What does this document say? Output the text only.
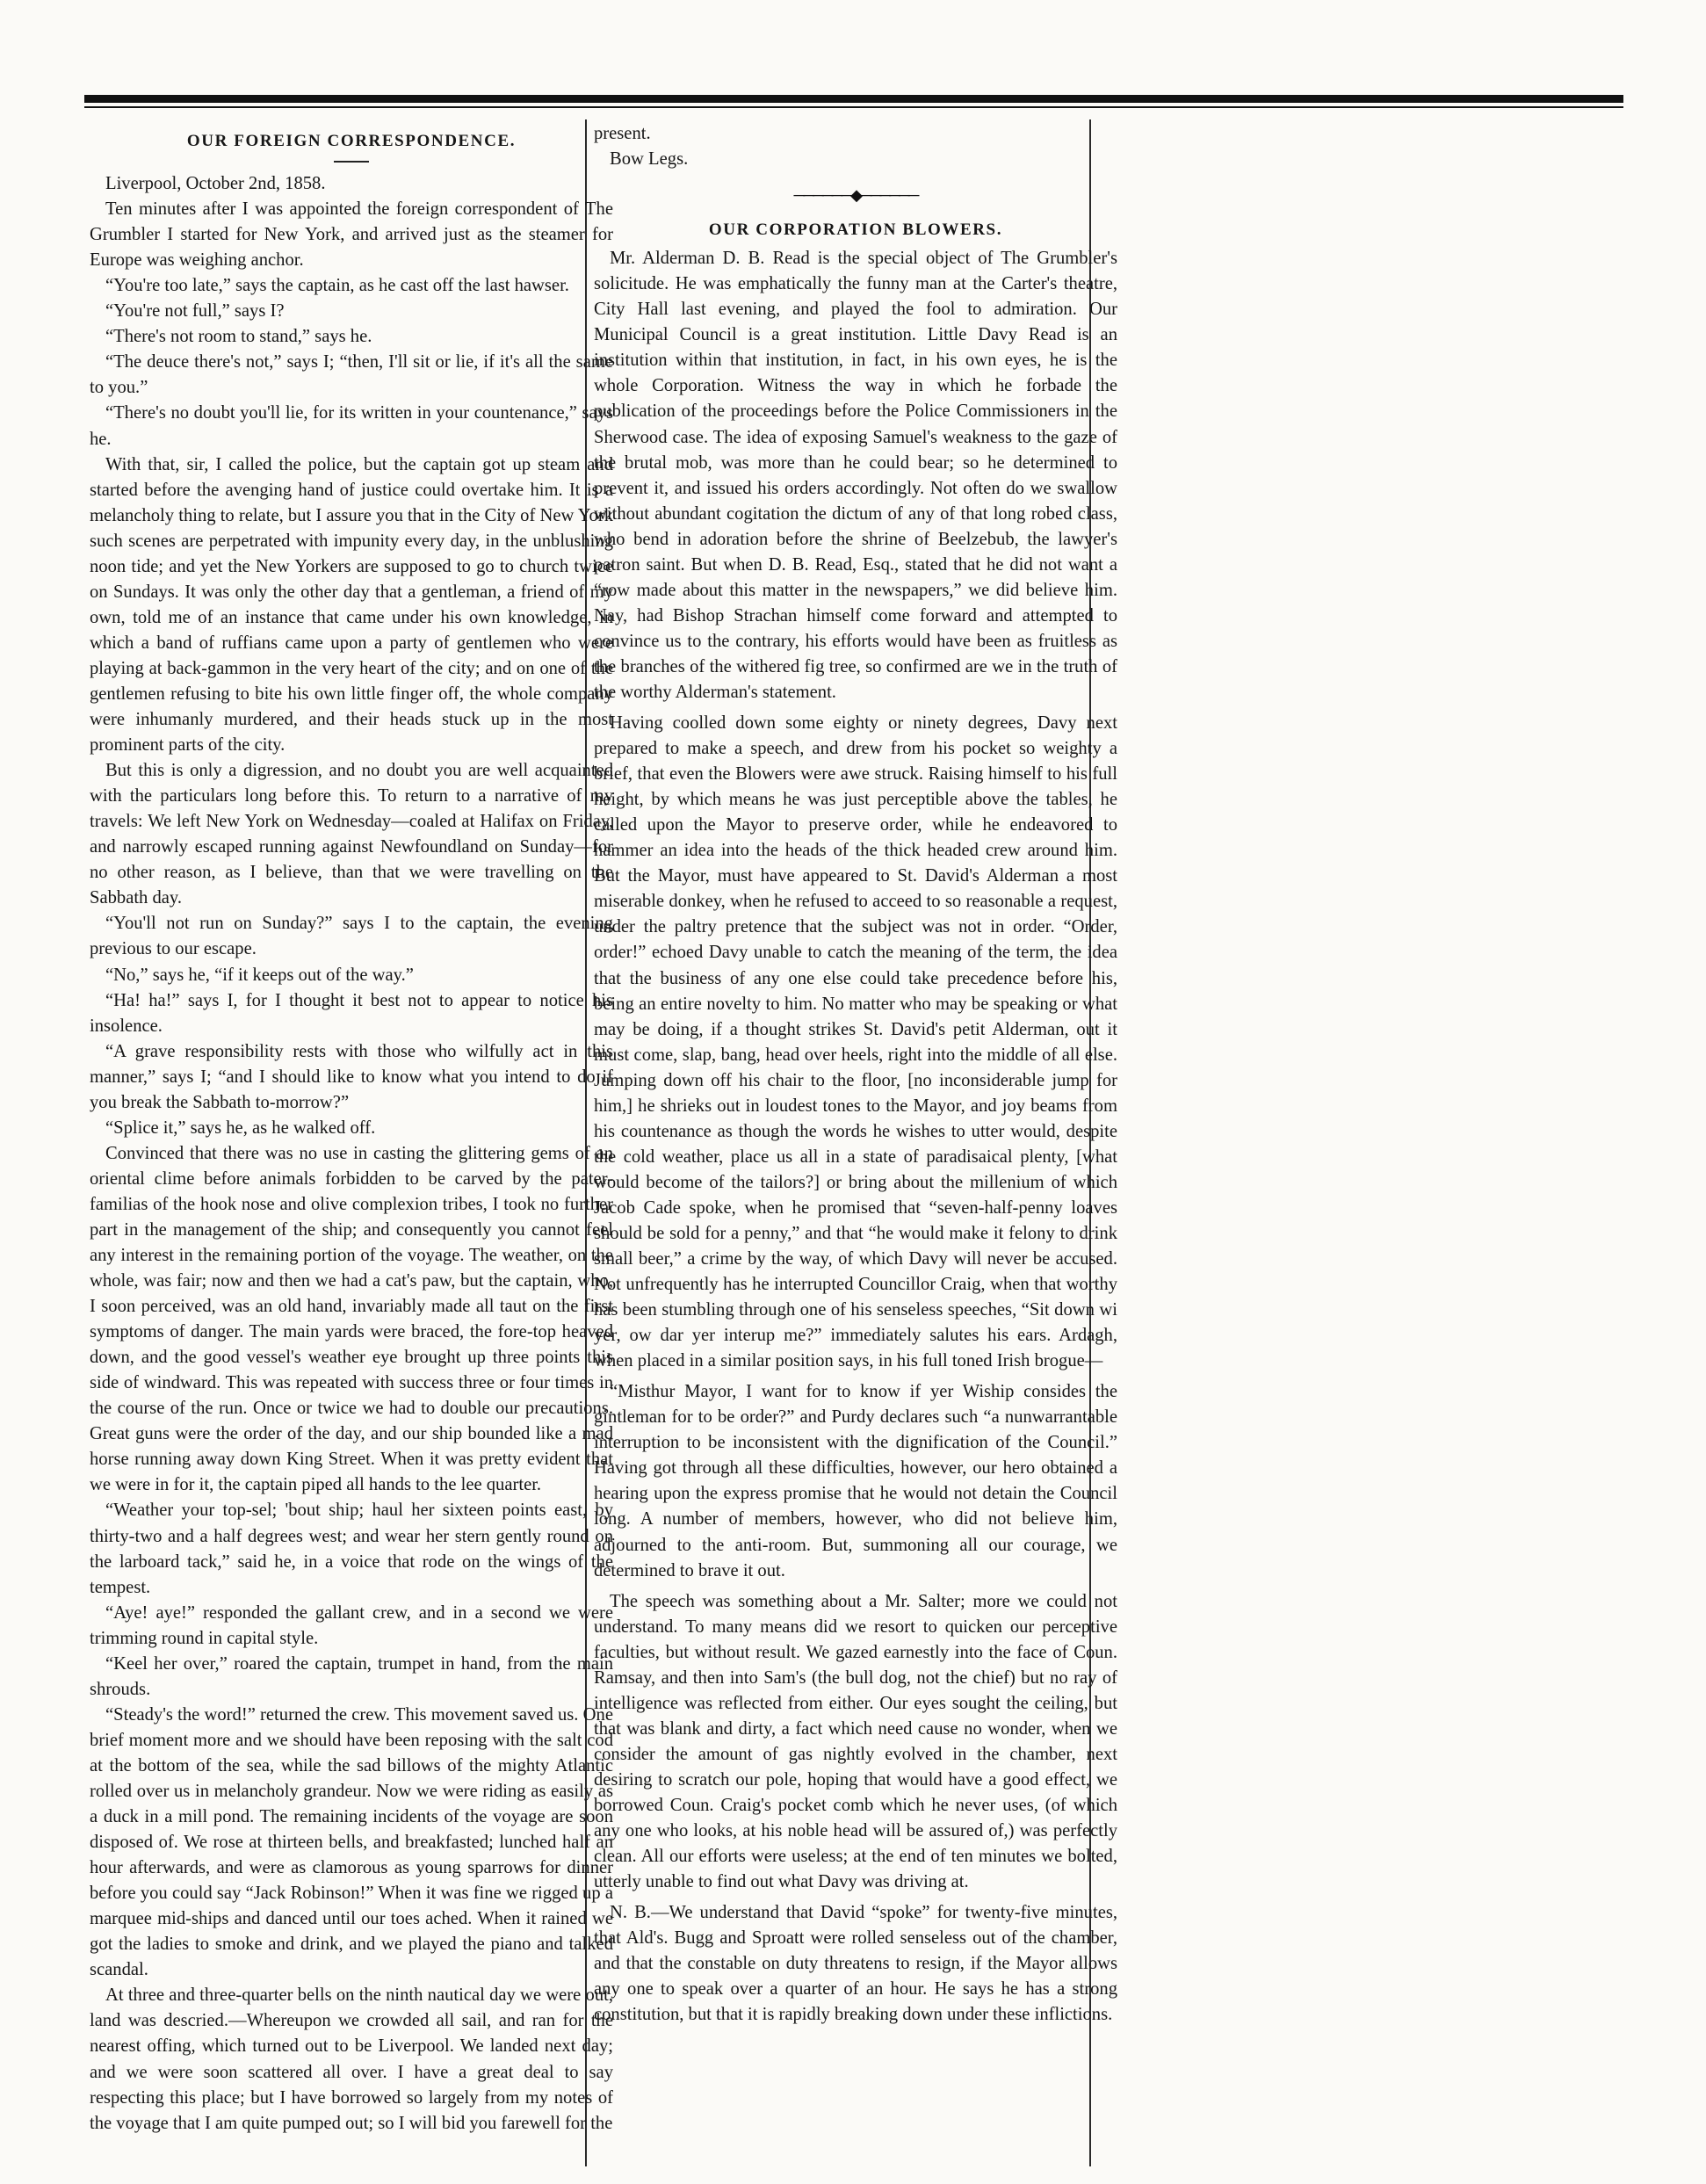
OUR FOREIGN CORRESPONDENCE.

Liverpool, October 2nd, 1858.

Ten minutes after I was appointed the foreign correspondent of The Grumbler I started for New York, and arrived just as the steamer for Europe was weighing anchor.

“You're too late,” says the captain, as he cast off the last hawser.

“You're not full,” says I?

“There's not room to stand,” says he.

“The deuce there's not,” says I; “then, I'll sit or lie, if it's all the same to you.”

“There's no doubt you'll lie, for its written in your countenance,” says he.

With that, sir, I called the police, but the captain got up steam and started before the avenging hand of justice could overtake him. It is a melancholy thing to relate, but I assure you that in the City of New York such scenes are perpetrated with impunity every day, in the unblushing noon tide; and yet the New Yorkers are supposed to go to church twice on Sundays. It was only the other day that a gentleman, a friend of my own, told me of an instance that came under his own knowledge, in which a band of ruffians came upon a party of gentlemen who were playing at back-gammon in the very heart of the city; and on one of the gentlemen refusing to bite his own little finger off, the whole company were inhumanly murdered, and their heads stuck up in the most prominent parts of the city.

But this is only a digression, and no doubt you are well acquainted with the particulars long before this. To return to a narrative of my travels: We left New York on Wednesday—coaled at Halifax on Friday, and narrowly escaped running against Newfoundland on Sunday—for no other reason, as I believe, than that we were travelling on the Sabbath day.

“You'll not run on Sunday?” says I to the captain, the evening previous to our escape.

“No,” says he, “if it keeps out of the way.”

“Ha! ha!” says I, for I thought it best not to appear to notice his insolence.

“A grave responsibility rests with those who wilfully act in this manner,” says I; “and I should like to know what you intend to do if you break the Sabbath to-morrow?”

“Splice it,” says he, as he walked off.

Convinced that there was no use in casting the glittering gems of an oriental clime before animals forbidden to be carved by the pater-familias of the hook nose and olive complexion tribes, I took no further part in the management of the ship; and consequently you cannot feel any interest in the remaining portion of the voyage. The weather, on the whole, was fair; now and then we had a cat's paw, but the captain, who, I soon perceived, was an old hand, invariably made all taut on the first symptoms of danger. The main yards were braced, the fore-top heaved down, and the good vessel's weather eye brought up three points this side of windward. This was repeated with success three or four times in the course of the run. Once or twice we had to double our precautions. Great guns were the order of the day, and our ship bounded like a mad horse running away down King Street. When it was pretty evident that we were in for it, the captain piped all hands to the lee quarter.

“Weather your top-sel; 'bout ship; haul her sixteen points east, by thirty-two and a half degrees west; and wear her stern gently round on the larboard tack,” said he, in a voice that rode on the wings of the tempest.

“Aye! aye!” responded the gallant crew, and in a second we were trimming round in capital style.

“Keel her over,” roared the captain, trumpet in hand, from the main shrouds.

“Steady's the word!” returned the crew. This movement saved us. One brief moment more and we should have been reposing with the salt cod at the bottom of the sea, while the sad billows of the mighty Atlantic rolled over us in melancholy grandeur. Now we were riding as easily as a duck in a mill pond. The remaining incidents of the voyage are soon disposed of. We rose at thirteen bells, and breakfasted; lunched half an hour afterwards, and were as clamorous as young sparrows for dinner before you could say “Jack Robinson!” When it was fine we rigged up a marquee mid-ships and danced until our toes ached. When it rained we got the ladies to smoke and drink, and we played the piano and talked scandal.

At three and three-quarter bells on the ninth nautical day we were out, land was descried.—Whereupon we crowded all sail, and ran for the nearest offing, which turned out to be Liverpool. We landed next day; and we were soon scattered all over. I have a great deal to say respecting this place; but I have borrowed so largely from my notes of the voyage that I am quite pumped out; so I will bid you farewell for the

present.

Bow Legs.

──────◆──────
OUR CORPORATION BLOWERS.

Mr. Alderman D. B. Read is the special object of The Grumbler's solicitude. He was emphatically the funny man at the Carter's theatre, City Hall last evening, and played the fool to admiration. Our Municipal Council is a great institution. Little Davy Read is an institution within that institution, in fact, in his own eyes, he is the whole Corporation. Witness the way in which he forbade the publication of the proceedings before the Police Commissioners in the Sherwood case. The idea of exposing Samuel's weakness to the gaze of the brutal mob, was more than he could bear; so he determined to prevent it, and issued his orders accordingly. Not often do we swallow without abundant cogitation the dictum of any of that long robed class, who bend in adoration before the shrine of Beelzebub, the lawyer's patron saint. But when D. B. Read, Esq., stated that he did not want a “row made about this matter in the newspapers,” we did believe him. Nay, had Bishop Strachan himself come forward and attempted to convince us to the contrary, his efforts would have been as fruitless as the branches of the withered fig tree, so confirmed are we in the truth of the worthy Alderman's statement.

Having coolled down some eighty or ninety degrees, Davy next prepared to make a speech, and drew from his pocket so weighty a brief, that even the Blowers were awe struck. Raising himself to his full height, by which means he was just perceptible above the tables, he called upon the Mayor to preserve order, while he endeavored to hammer an idea into the heads of the thick headed crew around him. But the Mayor, must have appeared to St. David's Alderman a most miserable donkey, when he refused to acceed to so reasonable a request, under the paltry pretence that the subject was not in order. “Order, order!” echoed Davy unable to catch the meaning of the term, the idea that the business of any one else could take precedence before his, being an entire novelty to him. No matter who may be speaking or what may be doing, if a thought strikes St. David's petit Alderman, out it must come, slap, bang, head over heels, right into the middle of all else. Jumping down off his chair to the floor, [no inconsiderable jump for him,] he shrieks out in loudest tones to the Mayor, and joy beams from his countenance as though the words he wishes to utter would, despite the cold weather, place us all in a state of paradisaical plenty, [what would become of the tailors?] or bring about the millenium of which Jacob Cade spoke, when he promised that “seven-half-penny loaves should be sold for a penny,” and that “he would make it felony to drink small beer,” a crime by the way, of which Davy will never be accused. Not unfrequently has he interrupted Councillor Craig, when that worthy has been stumbling through one of his senseless speeches, “Sit down wi yer, ow dar yer interup me?” immediately salutes his ears. Ardagh, when placed in a similar position says, in his full toned Irish brogue—

“Misthur Mayor, I want for to know if yer Wiship consides the gintleman for to be order?” and Purdy declares such “a nunwarrantable interruption to be inconsistent with the dignification of the Council.” Having got through all these difficulties, however, our hero obtained a hearing upon the express promise that he would not detain the Council long. A number of members, however, who did not believe him, adjourned to the anti-room. But, summoning all our courage, we determined to brave it out.

The speech was something about a Mr. Salter; more we could not understand. To many means did we resort to quicken our perceptive faculties, but without result. We gazed earnestly into the face of Coun. Ramsay, and then into Sam's (the bull dog, not the chief) but no ray of intelligence was reflected from either. Our eyes sought the ceiling, but that was blank and dirty, a fact which need cause no wonder, when we consider the amount of gas nightly evolved in the chamber, next desiring to scratch our pole, hoping that would have a good effect, we borrowed Coun. Craig's pocket comb which he never uses, (of which any one who looks, at his noble head will be assured of,) was perfectly clean. All our efforts were useless; at the end of ten minutes we bolted, utterly unable to find out what Davy was driving at.

N. B.—We understand that David “spoke” for twenty-five minutes, that Ald's. Bugg and Sproatt were rolled senseless out of the chamber, and that the constable on duty threatens to resign, if the Mayor allows any one to speak over a quarter of an hour. He says he has a strong constitution, but that it is rapidly breaking down under these inflictions.
